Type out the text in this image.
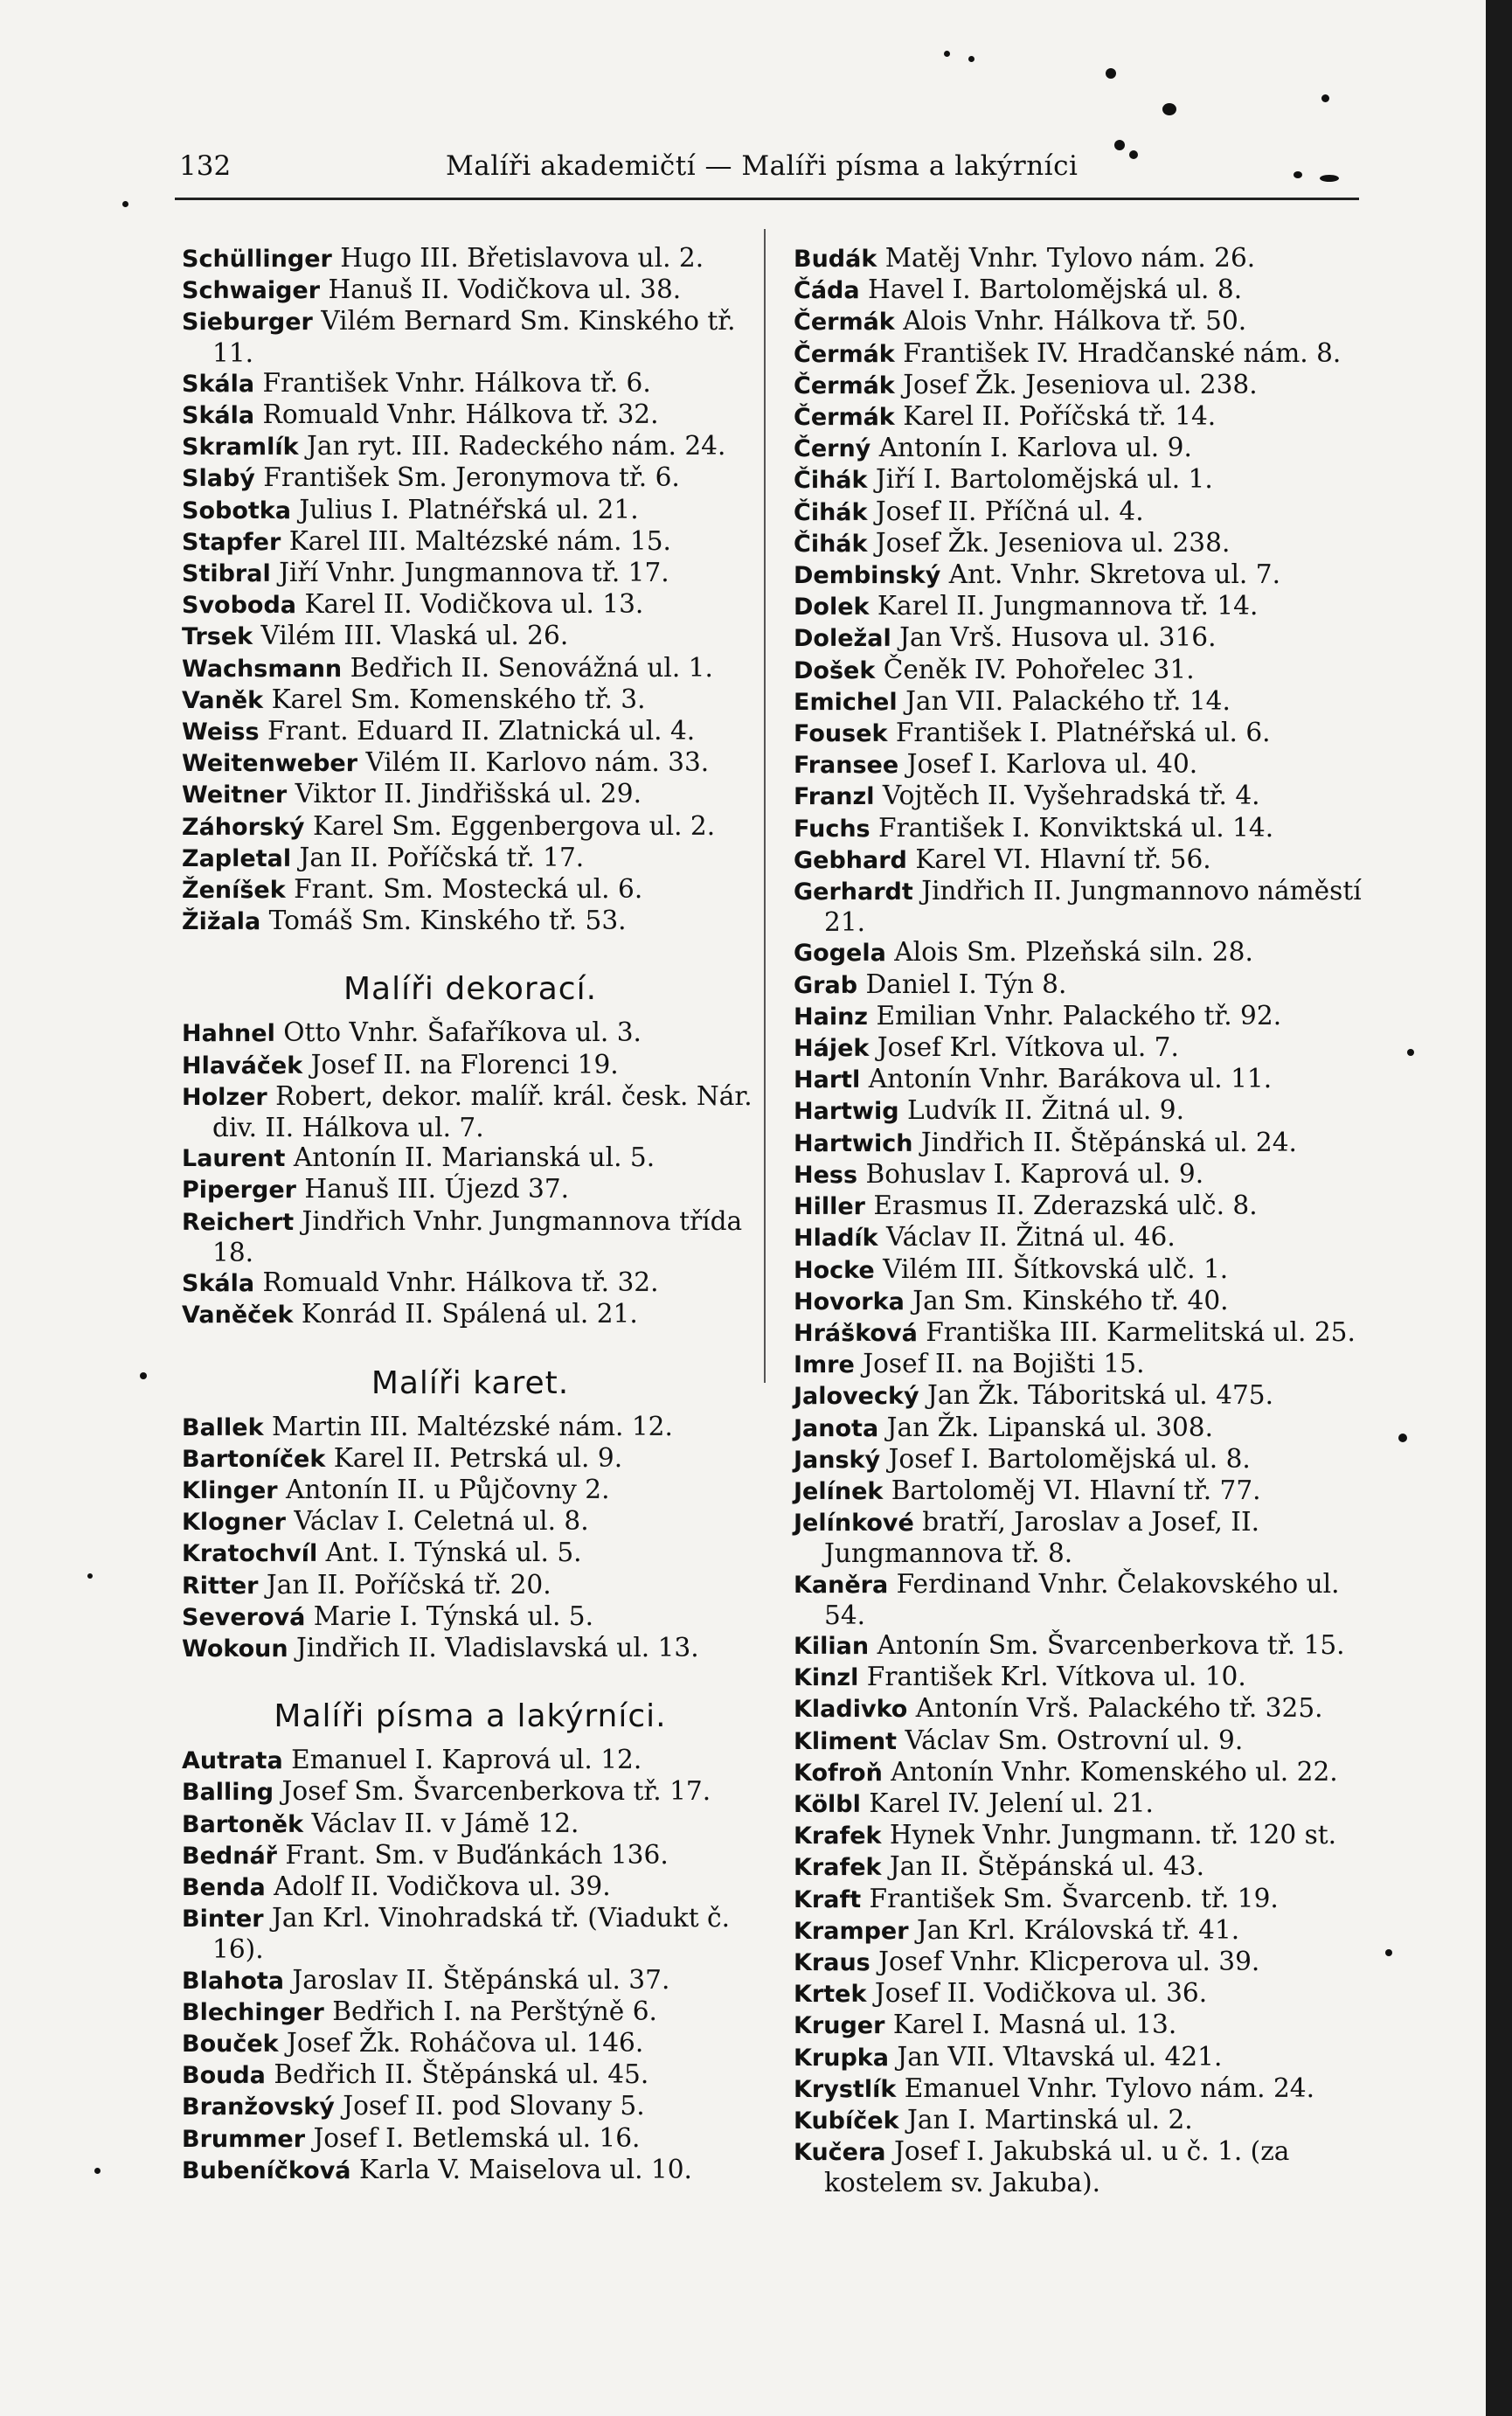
132	Malíři akademičtí — Malíři písma a lakýrníci

Schüllinger Hugo III. Břetislavova ul. 2.

Schwaiger Hanuš II. Vodičkova ul. 38.

Sieburger Vilém Bernard Sm. Kinského tř. 11.

Skála František Vnhr. Hálkova tř. 6.

Skála Romuald Vnhr. Hálkova tř. 32.

Skramlík Jan ryt. III. Radeckého nám. 24.

Slabý František Sm. Jeronymova tř. 6.

Sobotka Julius I. Platnéřská ul. 21.

Stapfer Karel III. Maltézské nám. 15.

Stibral Jiří Vnhr. Jungmannova tř. 17.

Svoboda Karel II. Vodičkova ul. 13.

Trsek Vilém III. Vlaská ul. 26.

Wachsmann Bedřich II. Senovážná ul. 1.

Vaněk Karel Sm. Komenského tř. 3.

Weiss Frant. Eduard II. Zlatnická ul. 4.

Weitenweber Vilém II. Karlovo nám. 33.

Weitner Viktor II. Jindřišská ul. 29.

Záhorský Karel Sm. Eggenbergova ul. 2.

Zapletal Jan II. Poříčská tř. 17.

Ženíšek Frant. Sm. Mostecká ul. 6.

Žižala Tomáš Sm. Kinského tř. 53.

Malíři dekorací.

Hahnel Otto Vnhr. Šafaříkova ul. 3.

Hlaváček Josef II. na Florenci 19.

Holzer Robert, dekor. malíř. král. česk. Nár. div. II. Hálkova ul. 7.

Laurent Antonín II. Marianská ul. 5.

Piperger Hanuš III. Újezd 37.

Reichert Jindřich Vnhr. Jungmannova třída 18.

Skála Romuald Vnhr. Hálkova tř. 32.

Vaněček Konrád II. Spálená ul. 21.

Malíři karet.

Ballek Martin III. Maltézské nám. 12.

Bartoníček Karel II. Petrská ul. 9.

Klinger Antonín II. u Půjčovny 2.

Klogner Václav I. Celetná ul. 8.

Kratochvíl Ant. I. Týnská ul. 5.

Ritter Jan II. Poříčská tř. 20.

Severová Marie I. Týnská ul. 5.

Wokoun Jindřich II. Vladislavská ul. 13.

Malíři písma a lakýrníci.

Autrata Emanuel I. Kaprová ul. 12.

Balling Josef Sm. Švarcenberkova tř. 17.

Bartoněk Václav II. v Jámě 12.

Bednář Frant. Sm. v Buďánkách 136.

Benda Adolf II. Vodičkova ul. 39.

Binter Jan Krl. Vinohradská tř. (Viadukt č. 16).

Blahota Jaroslav II. Štěpánská ul. 37.

Blechinger Bedřich I. na Perštýně 6.

Bouček Josef Žk. Roháčova ul. 146.

Bouda Bedřich II. Štěpánská ul. 45.

Branžovský Josef II. pod Slovany 5.

Brummer Josef I. Betlemská ul. 16.

Bubeníčková Karla V. Maiselova ul. 10.

Budák Matěj Vnhr. Tylovo nám. 26.

Čáda Havel I. Bartolomějská ul. 8.

Čermák Alois Vnhr. Hálkova tř. 50.

Čermák František IV. Hradčanské nám. 8.

Čermák Josef Žk. Jeseniova ul. 238.

Čermák Karel II. Poříčská tř. 14.

Černý Antonín I. Karlova ul. 9.

Čihák Jiří I. Bartolomějská ul. 1.

Čihák Josef II. Příčná ul. 4.

Čihák Josef Žk. Jeseniova ul. 238.

Dembinský Ant. Vnhr. Skretova ul. 7.

Dolek Karel II. Jungmannova tř. 14.

Doležal Jan Vrš. Husova ul. 316.

Došek Čeněk IV. Pohořelec 31.

Emichel Jan VII. Palackého tř. 14.

Fousek František I. Platnéřská ul. 6.

Fransee Josef I. Karlova ul. 40.

Franzl Vojtěch II. Vyšehradská tř. 4.

Fuchs František I. Konviktská ul. 14.

Gebhard Karel VI. Hlavní tř. 56.

Gerhardt Jindřich II. Jungmannovo náměstí 21.

Gogela Alois Sm. Plzeňská siln. 28.

Grab Daniel I. Týn 8.

Hainz Emilian Vnhr. Palackého tř. 92.

Hájek Josef Krl. Vítkova ul. 7.

Hartl Antonín Vnhr. Barákova ul. 11.

Hartwig Ludvík II. Žitná ul. 9.

Hartwich Jindřich II. Štěpánská ul. 24.

Hess Bohuslav I. Kaprová ul. 9.

Hiller Erasmus II. Zderazská ulč. 8.

Hladík Václav II. Žitná ul. 46.

Hocke Vilém III. Šítkovská ulč. 1.

Hovorka Jan Sm. Kinského tř. 40.

Hrášková Františka III. Karmelitská ul. 25.

Imre Josef II. na Bojišti 15.

Jalovecký Jan Žk. Táboritská ul. 475.

Janota Jan Žk. Lipanská ul. 308.

Janský Josef I. Bartolomějská ul. 8.

Jelínek Bartoloměj VI. Hlavní tř. 77.

Jelínkové bratří, Jaroslav a Josef, II. Jungmannova tř. 8.

Kaněra Ferdinand Vnhr. Čelakovského ul. 54.

Kilian Antonín Sm. Švarcenberkova tř. 15.

Kinzl František Krl. Vítkova ul. 10.

Kladivko Antonín Vrš. Palackého tř. 325.

Kliment Václav Sm. Ostrovní ul. 9.

Kofroň Antonín Vnhr. Komenského ul. 22.

Kölbl Karel IV. Jelení ul. 21.

Krafek Hynek Vnhr. Jungmann. tř. 120 st.

Krafek Jan II. Štěpánská ul. 43.

Kraft František Sm. Švarcenb. tř. 19.

Kramper Jan Krl. Královská tř. 41.

Kraus Josef Vnhr. Klicperova ul. 39.

Krtek Josef II. Vodičkova ul. 36.

Kruger Karel I. Masná ul. 13.

Krupka Jan VII. Vltavská ul. 421.

Krystlík Emanuel Vnhr. Tylovo nám. 24.

Kubíček Jan I. Martinská ul. 2.

Kučera Josef I. Jakubská ul. u č. 1. (za kostelem sv. Jakuba).
